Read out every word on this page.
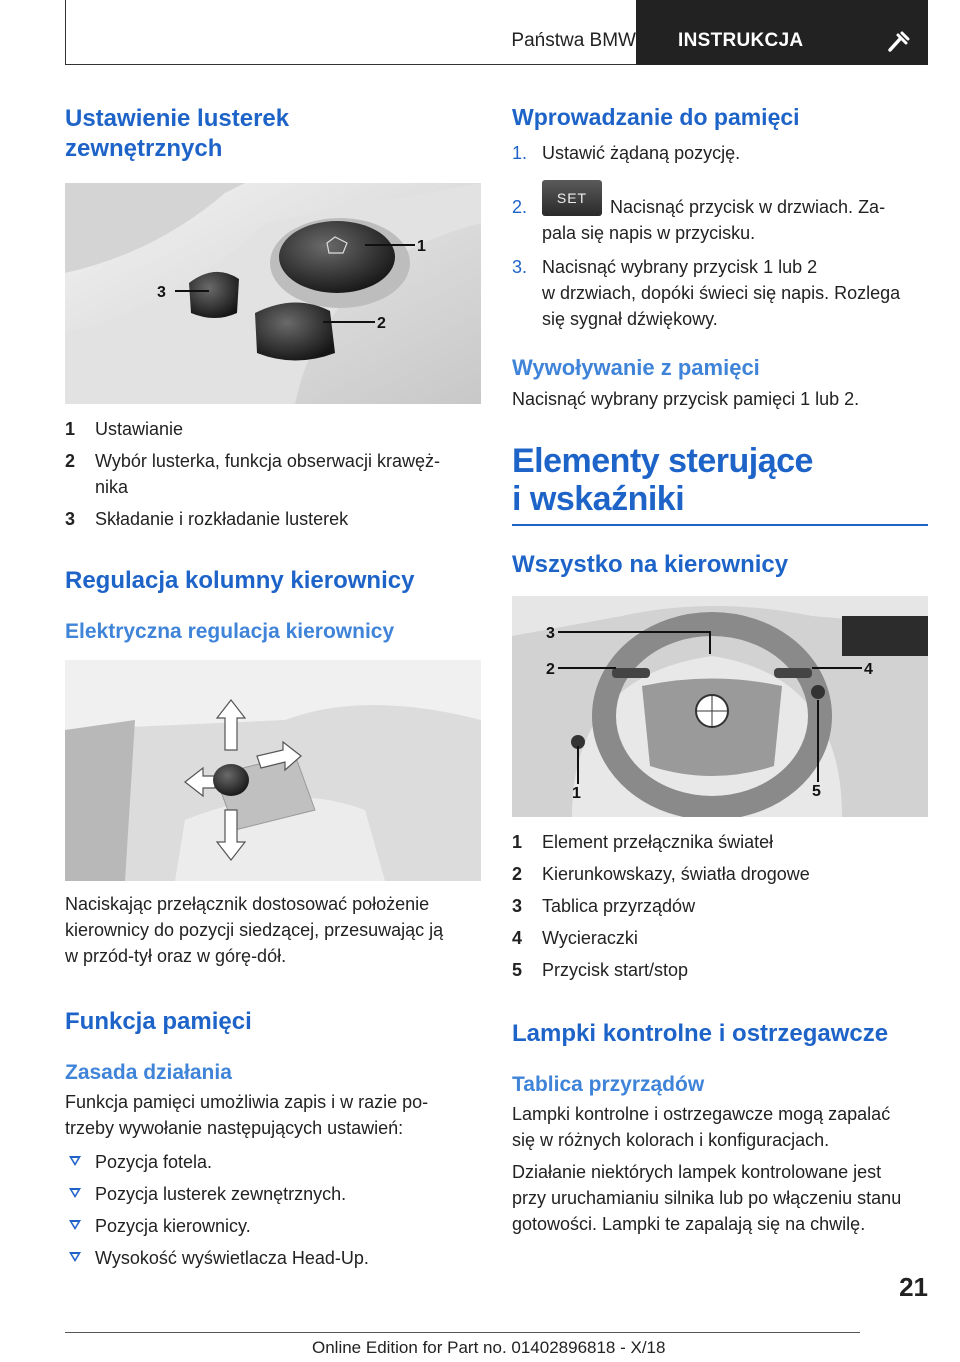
Państwa BMW INSTRUKCJA
Ustawienie lusterek
zewnętrznych
1
2
3
1 Ustawianie
2 Wybór lusterka, funkcja obserwacji krawęż-
nika
3 Składanie i rozkładanie lusterek
Regulacja kolumny kierownicy
Elektryczna regulacja kierownicy

Naciskając przełącznik dostosować położenie
kierownicy do pozycji siedzącej, przesuwając ją
w przód-tył oraz w górę-dół.

Funkcja pamięci
Zasada działania

Funkcja pamięci umożliwia zapis i w razie po-
trzeby wywołanie następujących ustawień:

Pozycja fotela.
Pozycja lusterek zewnętrznych.
Pozycja kierownicy.
Wysokość wyświetlacza Head-Up.
Wprowadzanie do pamięci
1. Ustawić żądaną pozycję.
2. SET Nacisnąć przycisk w drzwiach. Za-
pala się napis w przycisku.
3. Nacisnąć wybrany przycisk 1 lub 2
w drzwiach, dopóki świeci się napis. Rozlega
się sygnał dźwiękowy.
Wywoływanie z pamięci

Nacisnąć wybrany przycisk pamięci 1 lub 2.

Elementy sterujące
i wskaźniki
Wszystko na kierownicy
3
2	4
1	5
1 Element przełącznika świateł
2 Kierunkowskazy, światła drogowe
3 Tablica przyrządów
4 Wycieraczki
5 Przycisk start/stop
Lampki kontrolne i ostrzegawcze
Tablica przyrządów

Lampki kontrolne i ostrzegawcze mogą zapalać
się w różnych kolorach i konfiguracjach.

Działanie niektórych lampek kontrolowane jest
przy uruchamianiu silnika lub po włączeniu stanu
gotowości. Lampki te zapalają się na chwilę.

21
Online Edition for Part no. 01402896818 - X/18
